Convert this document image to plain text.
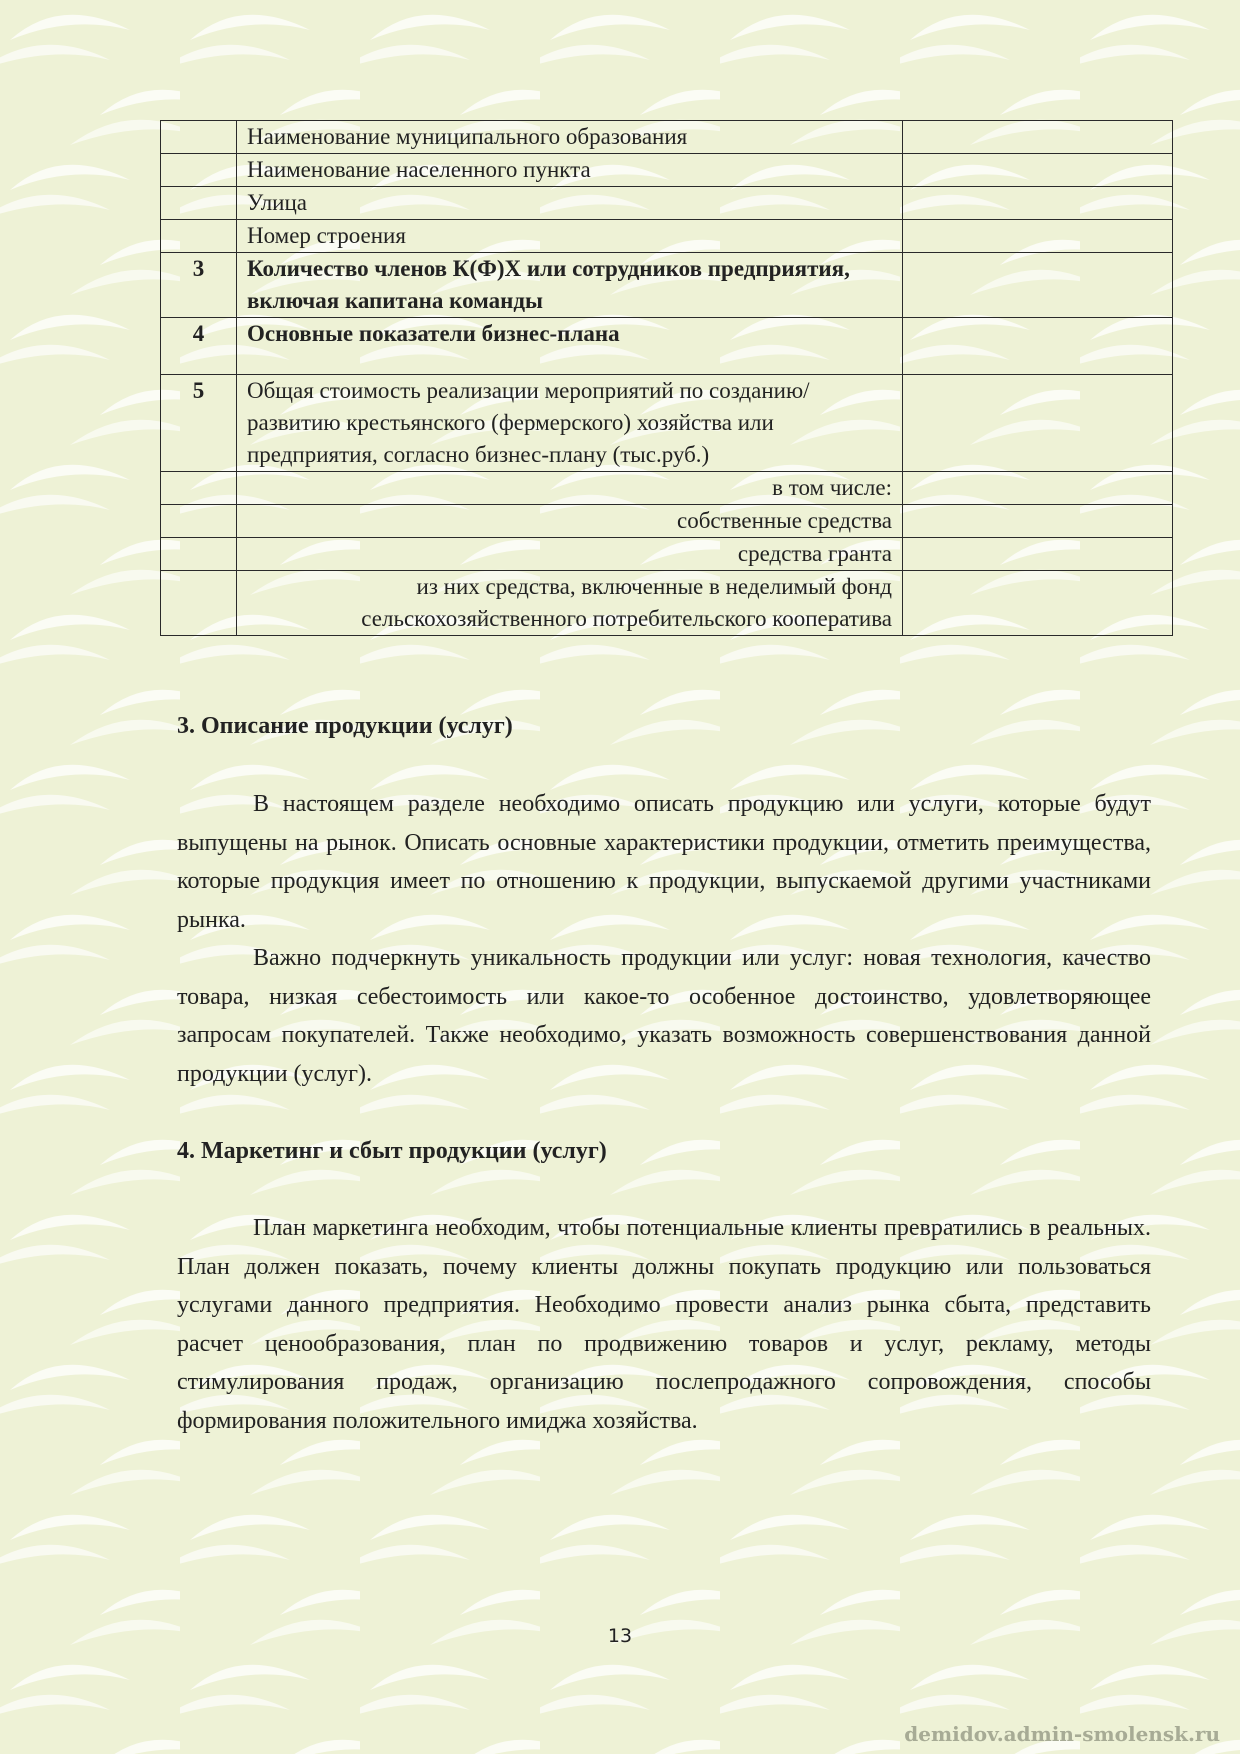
	Наименование муниципального образования	
	Наименование населенного пункта	
	Улица	
	Номер строения	
3	Количество членов К(Ф)Х или сотрудников предприятия, включая капитана команды	
4	Основные показатели бизнес-плана	
5	Общая стоимость реализации мероприятий по созданию/развитию крестьянского (фермерского) хозяйства или предприятия, согласно бизнес-плану (тыс.руб.)	
	в том числе:	
	собственные средства	
	средства гранта	
	из них средства, включенные в неделимый фонд сельскохозяйственного потребительского кооператива	
3. Описание продукции (услуг)

В настоящем разделе необходимо описать продукцию или услуги, которые будут выпущены на рынок. Описать основные характеристики продукции, отметить преимущества, которые продукция имеет по отношению к продукции, выпускаемой другими участниками рынка.

Важно подчеркнуть уникальность продукции или услуг: новая технология, качество товара, низкая себестоимость или какое-то особенное достоинство, удовлетворяющее запросам покупателей. Также необходимо, указать возможность совершенствования данной продукции (услуг).

4. Маркетинг и сбыт продукции (услуг)

План маркетинга необходим, чтобы потенциальные клиенты превратились в реальных. План должен показать, почему клиенты должны покупать продукцию или пользоваться услугами данного предприятия. Необходимо провести анализ рынка сбыта, представить расчет ценообразования, план по продвижению товаров и услуг, рекламу, методы стимулирования продаж, организацию послепродажного сопровождения, способы формирования положительного имиджа хозяйства.

13
demidov.admin-smolensk.ru
